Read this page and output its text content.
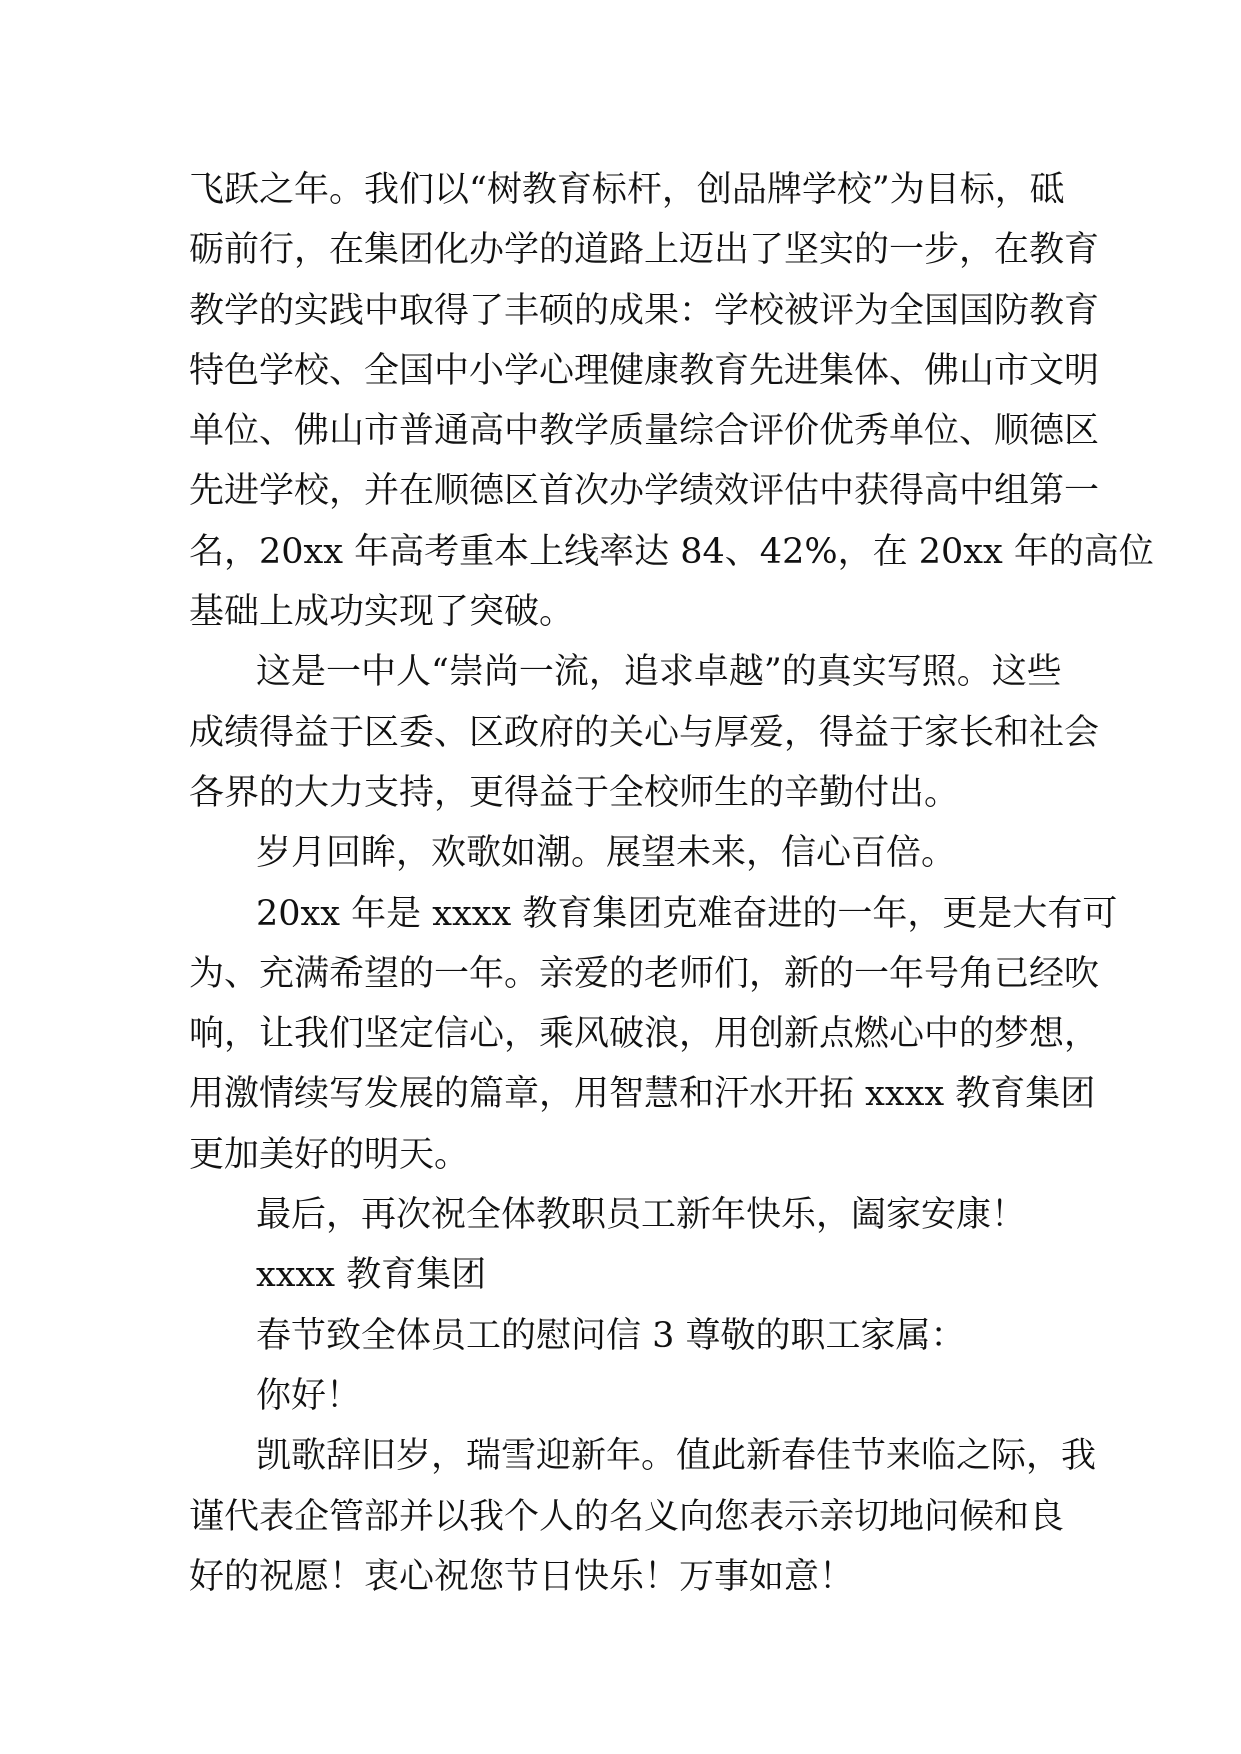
飞跃之年。我们以“树教育标杆，创品牌学校”为目标，砥
砺前行，在集团化办学的道路上迈出了坚实的一步，在教育
教学的实践中取得了丰硕的成果：学校被评为全国国防教育
特色学校、全国中小学心理健康教育先进集体、佛山市文明
单位、佛山市普通高中教学质量综合评价优秀单位、顺德区
先进学校，并在顺德区首次办学绩效评估中获得高中组第一
名，20xx 年高考重本上线率达 84、42%，在 20xx 年的高位
基础上成功实现了突破。

这是一中人“崇尚一流，追求卓越”的真实写照。这些
成绩得益于区委、区政府的关心与厚爱，得益于家长和社会
各界的大力支持，更得益于全校师生的辛勤付出。

岁月回眸，欢歌如潮。展望未来，信心百倍。

20xx 年是 xxxx 教育集团克难奋进的一年，更是大有可
为、充满希望的一年。亲爱的老师们，新的一年号角已经吹
响，让我们坚定信心，乘风破浪，用创新点燃心中的梦想，
用激情续写发展的篇章，用智慧和汗水开拓 xxxx 教育集团
更加美好的明天。

最后，再次祝全体教职员工新年快乐，阖家安康！

xxxx 教育集团

春节致全体员工的慰问信 3 尊敬的职工家属：

你好！

凯歌辞旧岁，瑞雪迎新年。值此新春佳节来临之际，我
谨代表企管部并以我个人的名义向您表示亲切地问候和良
好的祝愿！衷心祝您节日快乐！万事如意！
